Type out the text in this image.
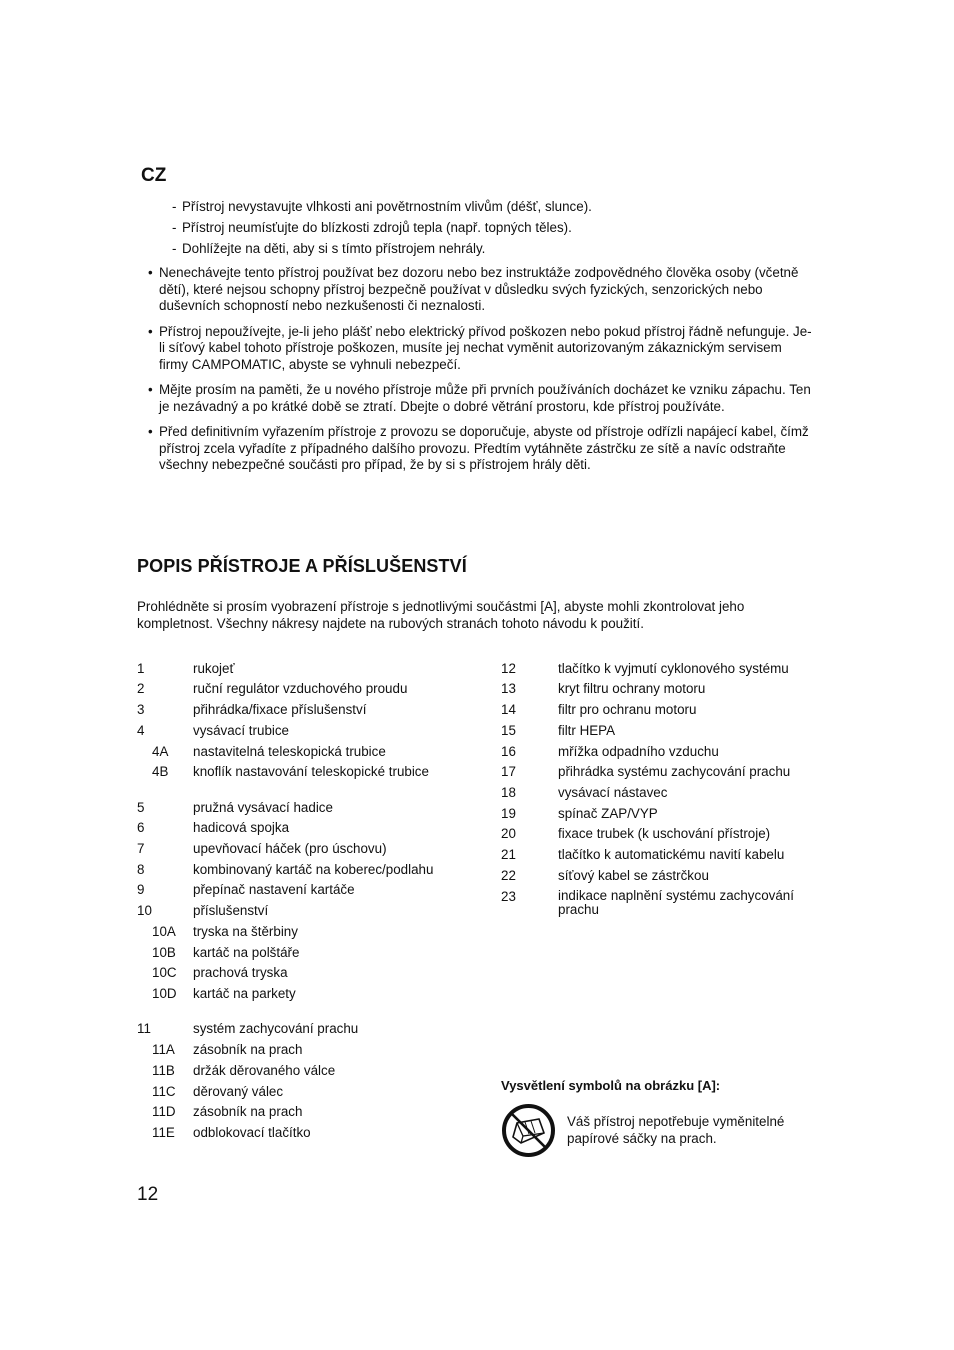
CZ
- Přístroj nevystavujte vlhkosti ani povětrnostním vlivům (déšť, slunce).
- Přístroj neumísťujte do blízkosti zdrojů tepla (např. topných těles).
- Dohlížejte na děti, aby si s tímto přístrojem nehrály.
• Nenechávejte tento přístroj používat bez dozoru nebo bez instruktáže zodpovědného člověka osoby (včetně dětí), které nejsou schopny přístroj bezpečně používat v důsledku svých fyzických, senzorických nebo duševních schopností nebo nezkušenosti či neznalosti.
• Přístroj nepoužívejte, je-li jeho plášť nebo elektrický přívod poškozen nebo pokud přístroj řádně nefunguje. Je-li síťový kabel tohoto přístroje poškozen, musíte jej nechat vyměnit autorizovaným zákaznickým servisem firmy CAMPOMATIC, abyste se vyhnuli nebezpečí.
• Mějte prosím na paměti, že u nového přístroje může při prvních používáních docházet ke vzniku zápachu. Ten je nezávadný a po krátké době se ztratí. Dbejte o dobré větrání prostoru, kde přístroj používáte.
• Před definitivním vyřazením přístroje z provozu se doporučuje, abyste od přístroje odřízli napájecí kabel, čímž přístroj zcela vyřadíte z případného dalšího provozu. Předtím vytáhněte zástrčku ze sítě a navíc odstraňte všechny nebezpečné součásti pro případ, že by si s přístrojem hrály děti.
POPIS PŘÍSTROJE A PŘÍSLUŠENSTVÍ
Prohlédněte si prosím vyobrazení přístroje s jednotlivými součástmi [A], abyste mohli zkontrolovat jeho kompletnost. Všechny nákresy najdete na rubových stranách tohoto návodu k použití.
1	rukojeť
2	ruční regulátor vzduchového proudu
3	přihrádka/fixace příslušenství
4	vysávací trubice
4A nastavitelná teleskopická trubice
4B knoflík nastavování teleskopické trubice
5	pružná vysávací hadice
6	hadicová spojka
7	upevňovací háček (pro úschovu)
8	kombinovaný kartáč na koberec/podlahu
9	přepínač nastavení kartáče
10	příslušenství
10A tryska na štěrbiny
10B kartáč na polštáře
10C prachová tryska
10D kartáč na parkety
11	systém zachycování prachu
11A zásobník na prach
11B držák děrovaného válce
11C děrovaný válec
11D zásobník na prach
11E odblokovací tlačítko
12	tlačítko k vyjmutí cyklonového systému
13	kryt filtru ochrany motoru
14	filtr pro ochranu motoru
15	filtr HEPA
16	mřížka odpadního vzduchu
17	přihrádka systému zachycování prachu
18	vysávací nástavec
19	spínač ZAP/VYP
20	fixace trubek (k uschování přístroje)
21	tlačítko k automatickému navití kabelu
22	síťový kabel se zástrčkou
23	indikace naplnění systému zachycování prachu
Vysvětlení symbolů na obrázku [A]:
Váš přístroj nepotřebuje vyměnitelné papírové sáčky na prach.
12
